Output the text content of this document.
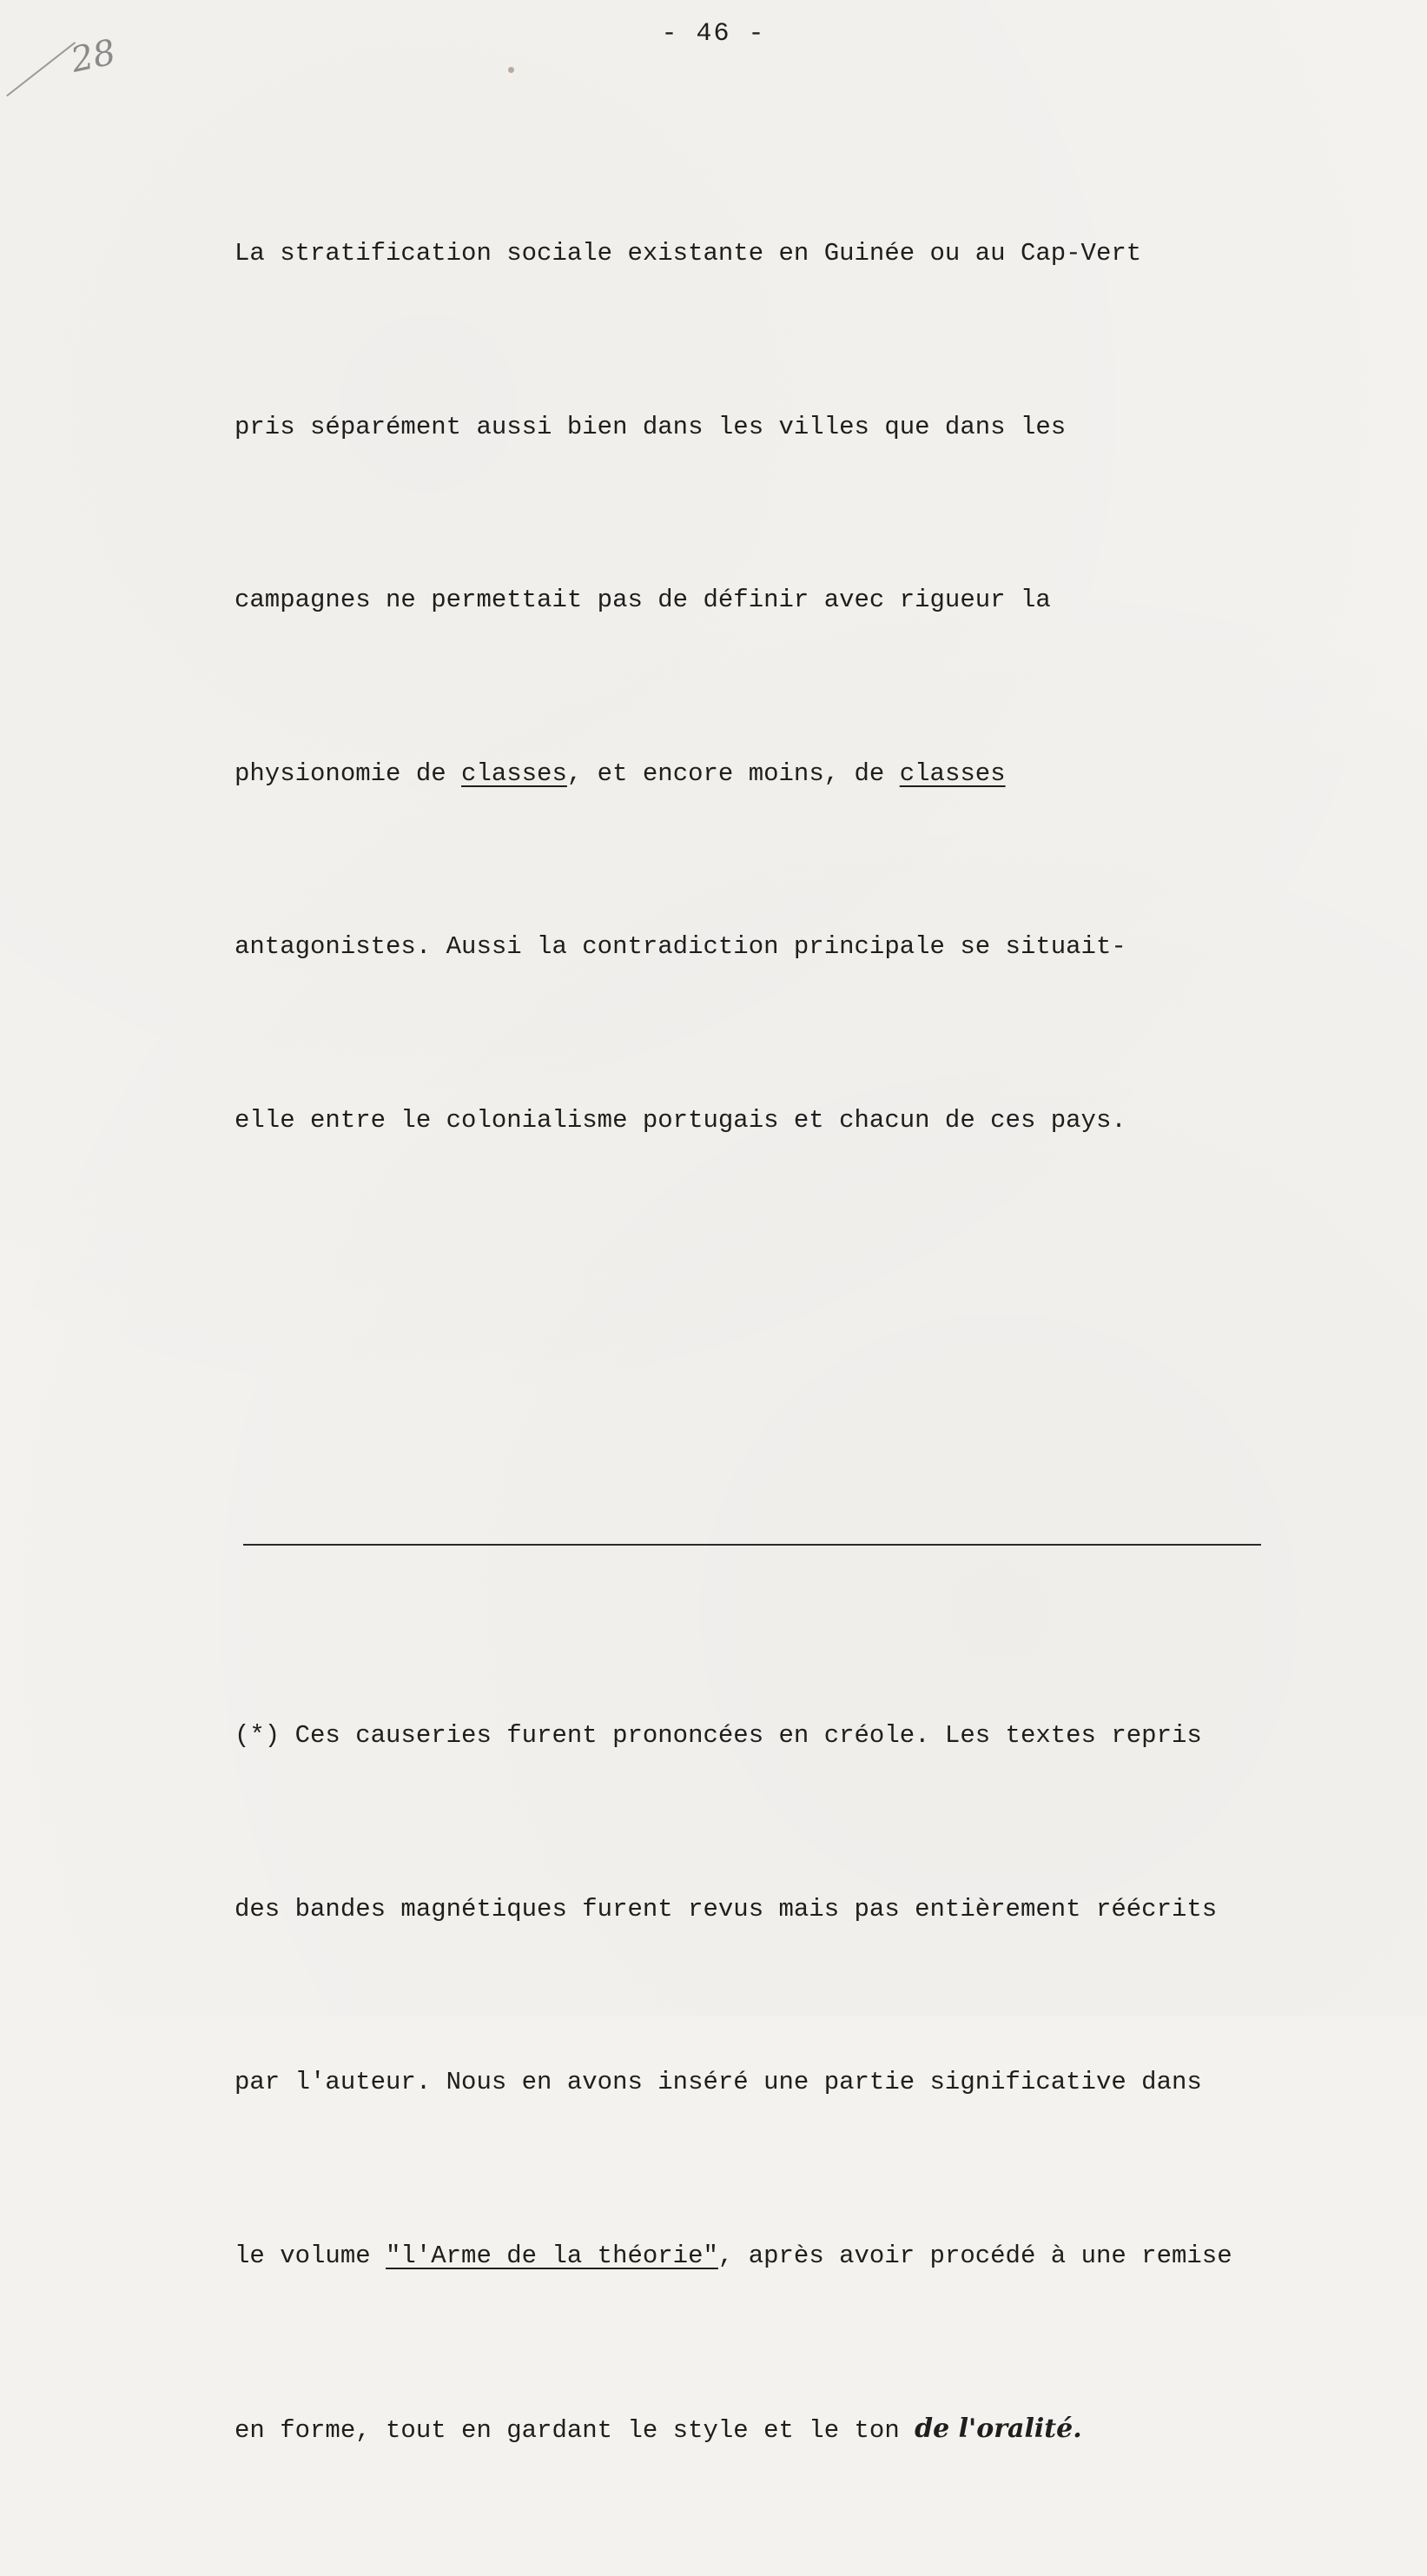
28	- 46 -

La stratification sociale existante en Guinée ou au Cap-Vert

pris séparément aussi bien dans les villes que dans les

campagnes ne permettait pas de définir avec rigueur la

physionomie de classes, et encore moins, de classes

antagonistes. Aussi la contradiction principale se situait-

elle entre le colonialisme portugais et chacun de ces pays.

(*) Ces causeries furent prononcées en créole. Les textes repris

des bandes magnétiques furent revus mais pas entièrement réécrits

par l'auteur. Nous en avons inséré une partie significative dans

le volume "l'Arme de la théorie", après avoir procédé à une remise

en forme, tout en gardant le style et le ton de l'oralité.
